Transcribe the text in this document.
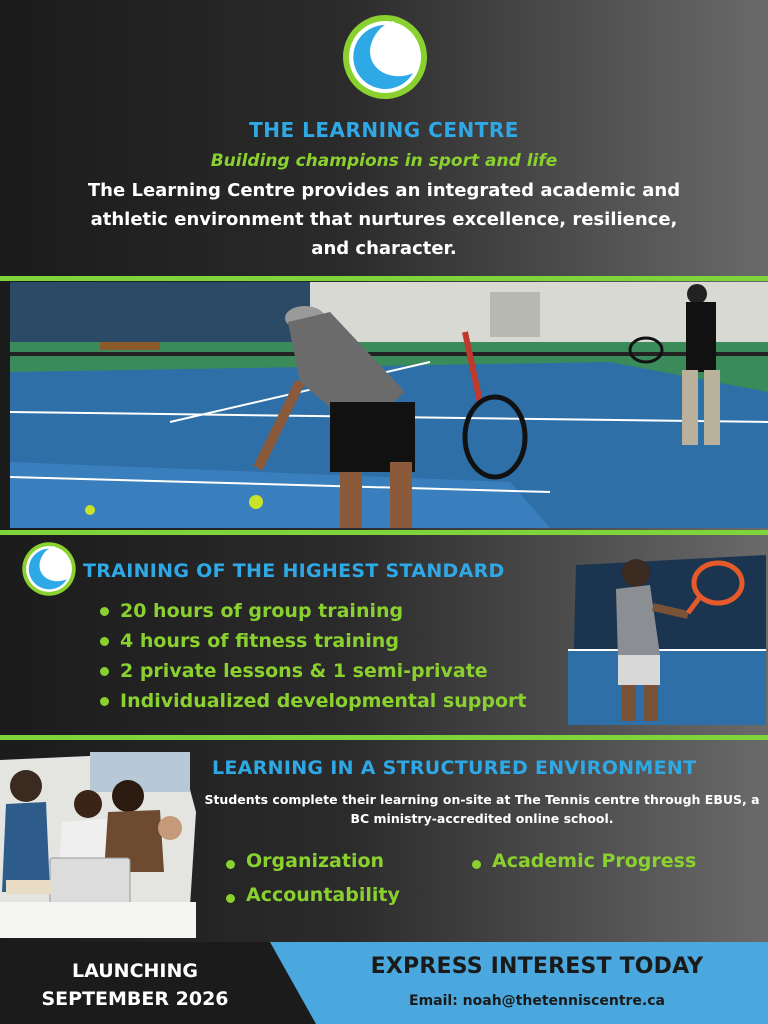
THE LEARNING CENTRE
Building champions in sport and life
The Learning Centre provides an integrated academic and athletic environment that nurtures excellence, resilience, and character.
TRAINING OF THE HIGHEST STANDARD
20 hours of group training
4 hours of fitness training
2 private lessons & 1 semi-private
Individualized developmental support
LEARNING IN A STRUCTURED ENVIRONMENT
Students complete their learning on-site at The Tennis centre through EBUS, a BC ministry-accredited online school.
Organization	Academic Progress
Accountability
LAUNCHING
SEPTEMBER 2026
EXPRESS INTEREST TODAY
Email: noah@thetenniscentre.ca
